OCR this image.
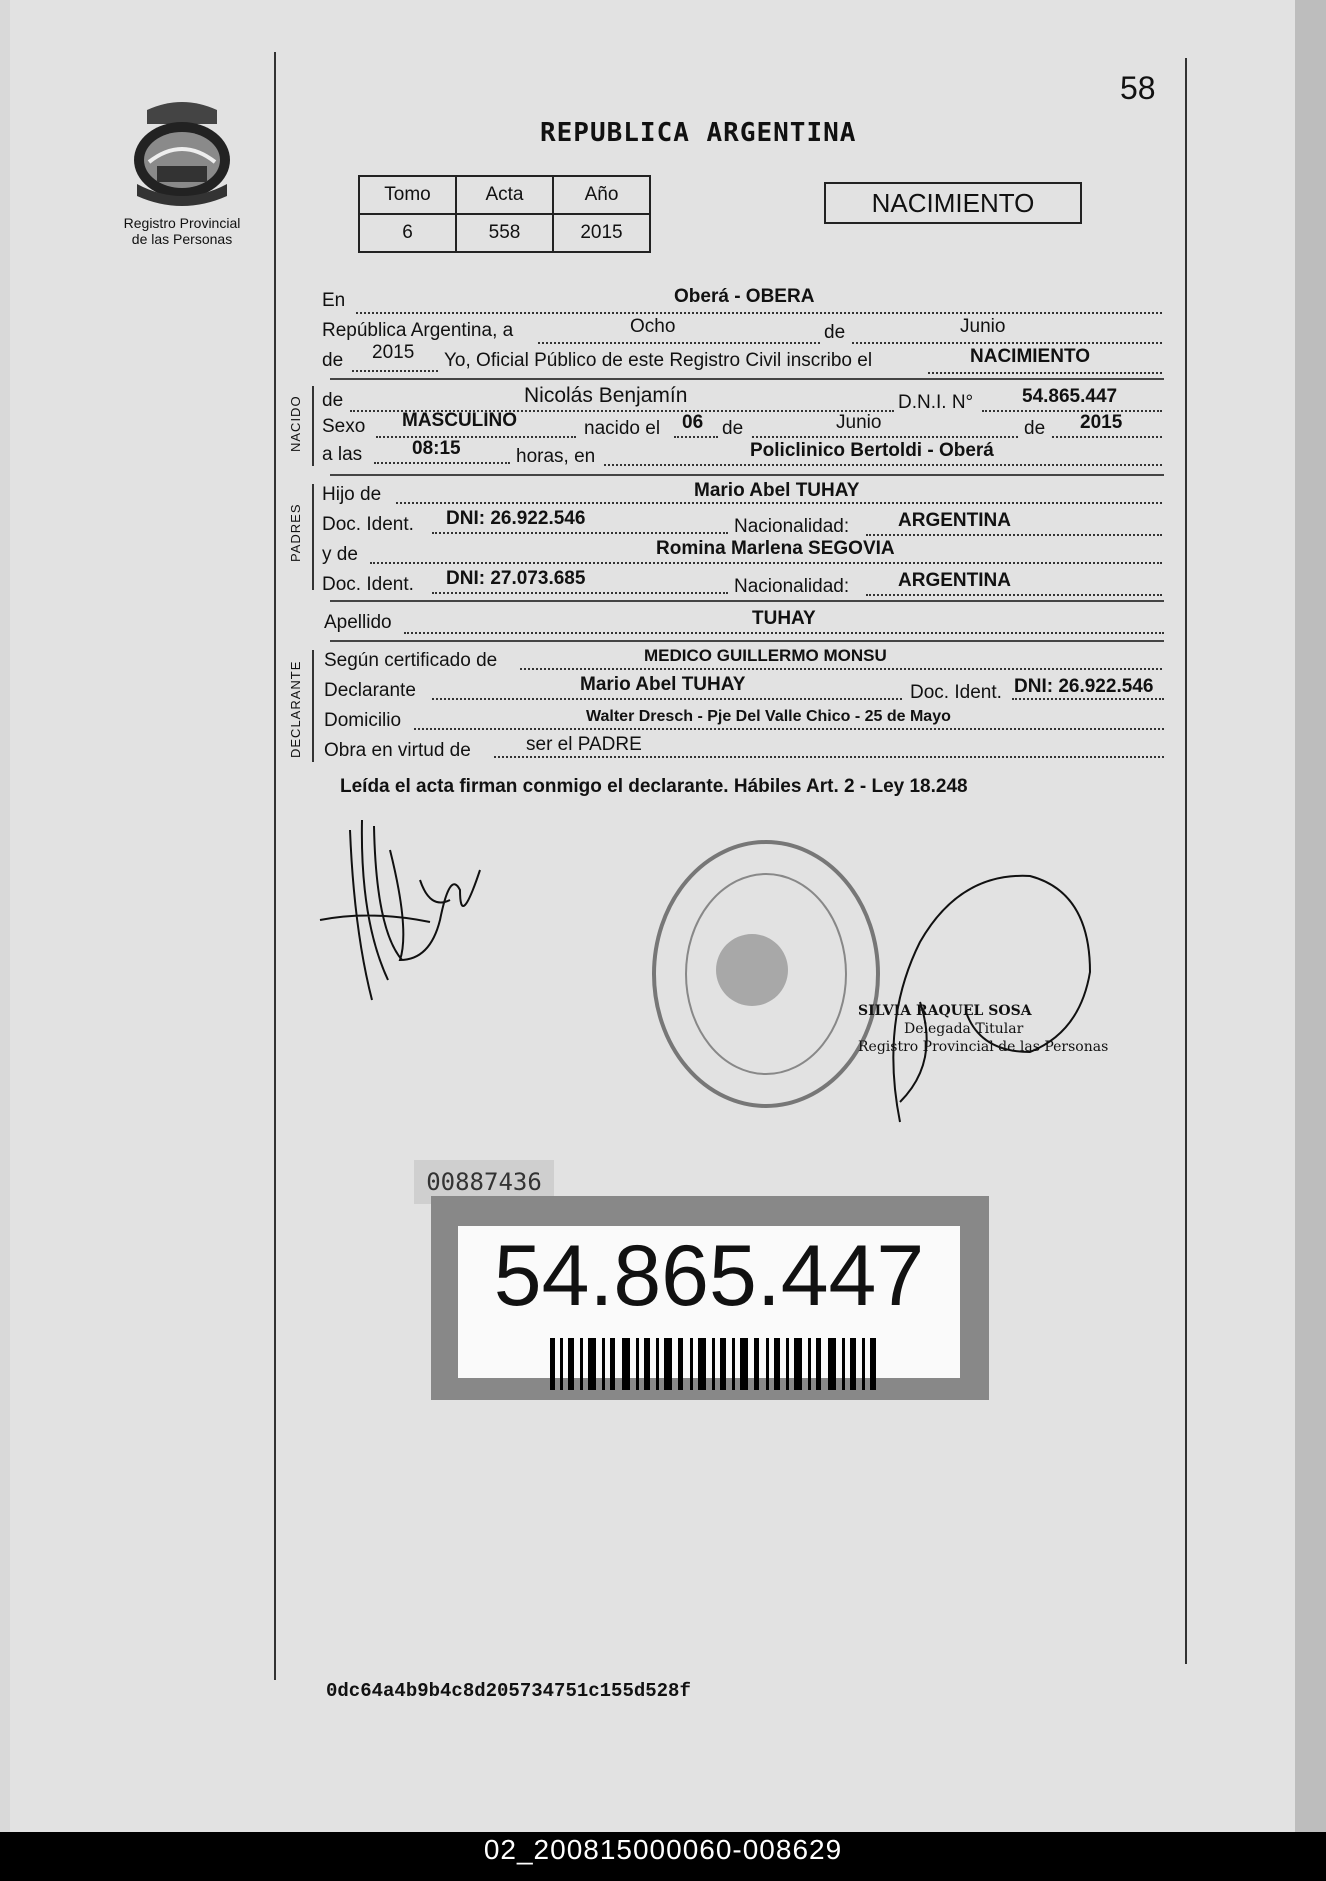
58
Registro Provincial
de las Personas
REPUBLICA ARGENTINA
Tomo	Acta	Año
6	558	2015
NACIMIENTO
En	Oberá - OBERA
República Argentina, a	Ocho	de	Junio
de 2015 Yo, Oficial Público de este Registro Civil inscribo el	NACIMIENTO
NACIDO de	Nicolás Benjamín	D.N.I. N°	54.865.447
Sexo MASCULINO	nacido el 06 de	Junio	de 2015
a las	08:15	horas, en	Policlinico Bertoldi - Oberá
PADRES
Hijo de	Mario Abel TUHAY
Doc. Ident. DNI: 26.922.546	Nacionalidad:	ARGENTINA
y de	Romina Marlena SEGOVIA
Doc. Ident. DNI: 27.073.685	Nacionalidad:	ARGENTINA
Apellido	TUHAY
DECLARANTE
Según certificado de	MEDICO GUILLERMO MONSU
Declarante	Mario Abel TUHAY	Doc. Ident. DNI: 26.922.546
Domicilio	Walter Dresch - Pje Del Valle Chico - 25 de Mayo
Obra en virtud de	ser el PADRE
Leída el acta firman conmigo el declarante. Hábiles Art. 2 - Ley 18.248
SILVIA RAQUEL SOSA
Delegada Titular
Registro Provincial de las Personas
00887436
54.865.447
0dc64a4b9b4c8d205734751c155d528f
02_200815000060-008629
